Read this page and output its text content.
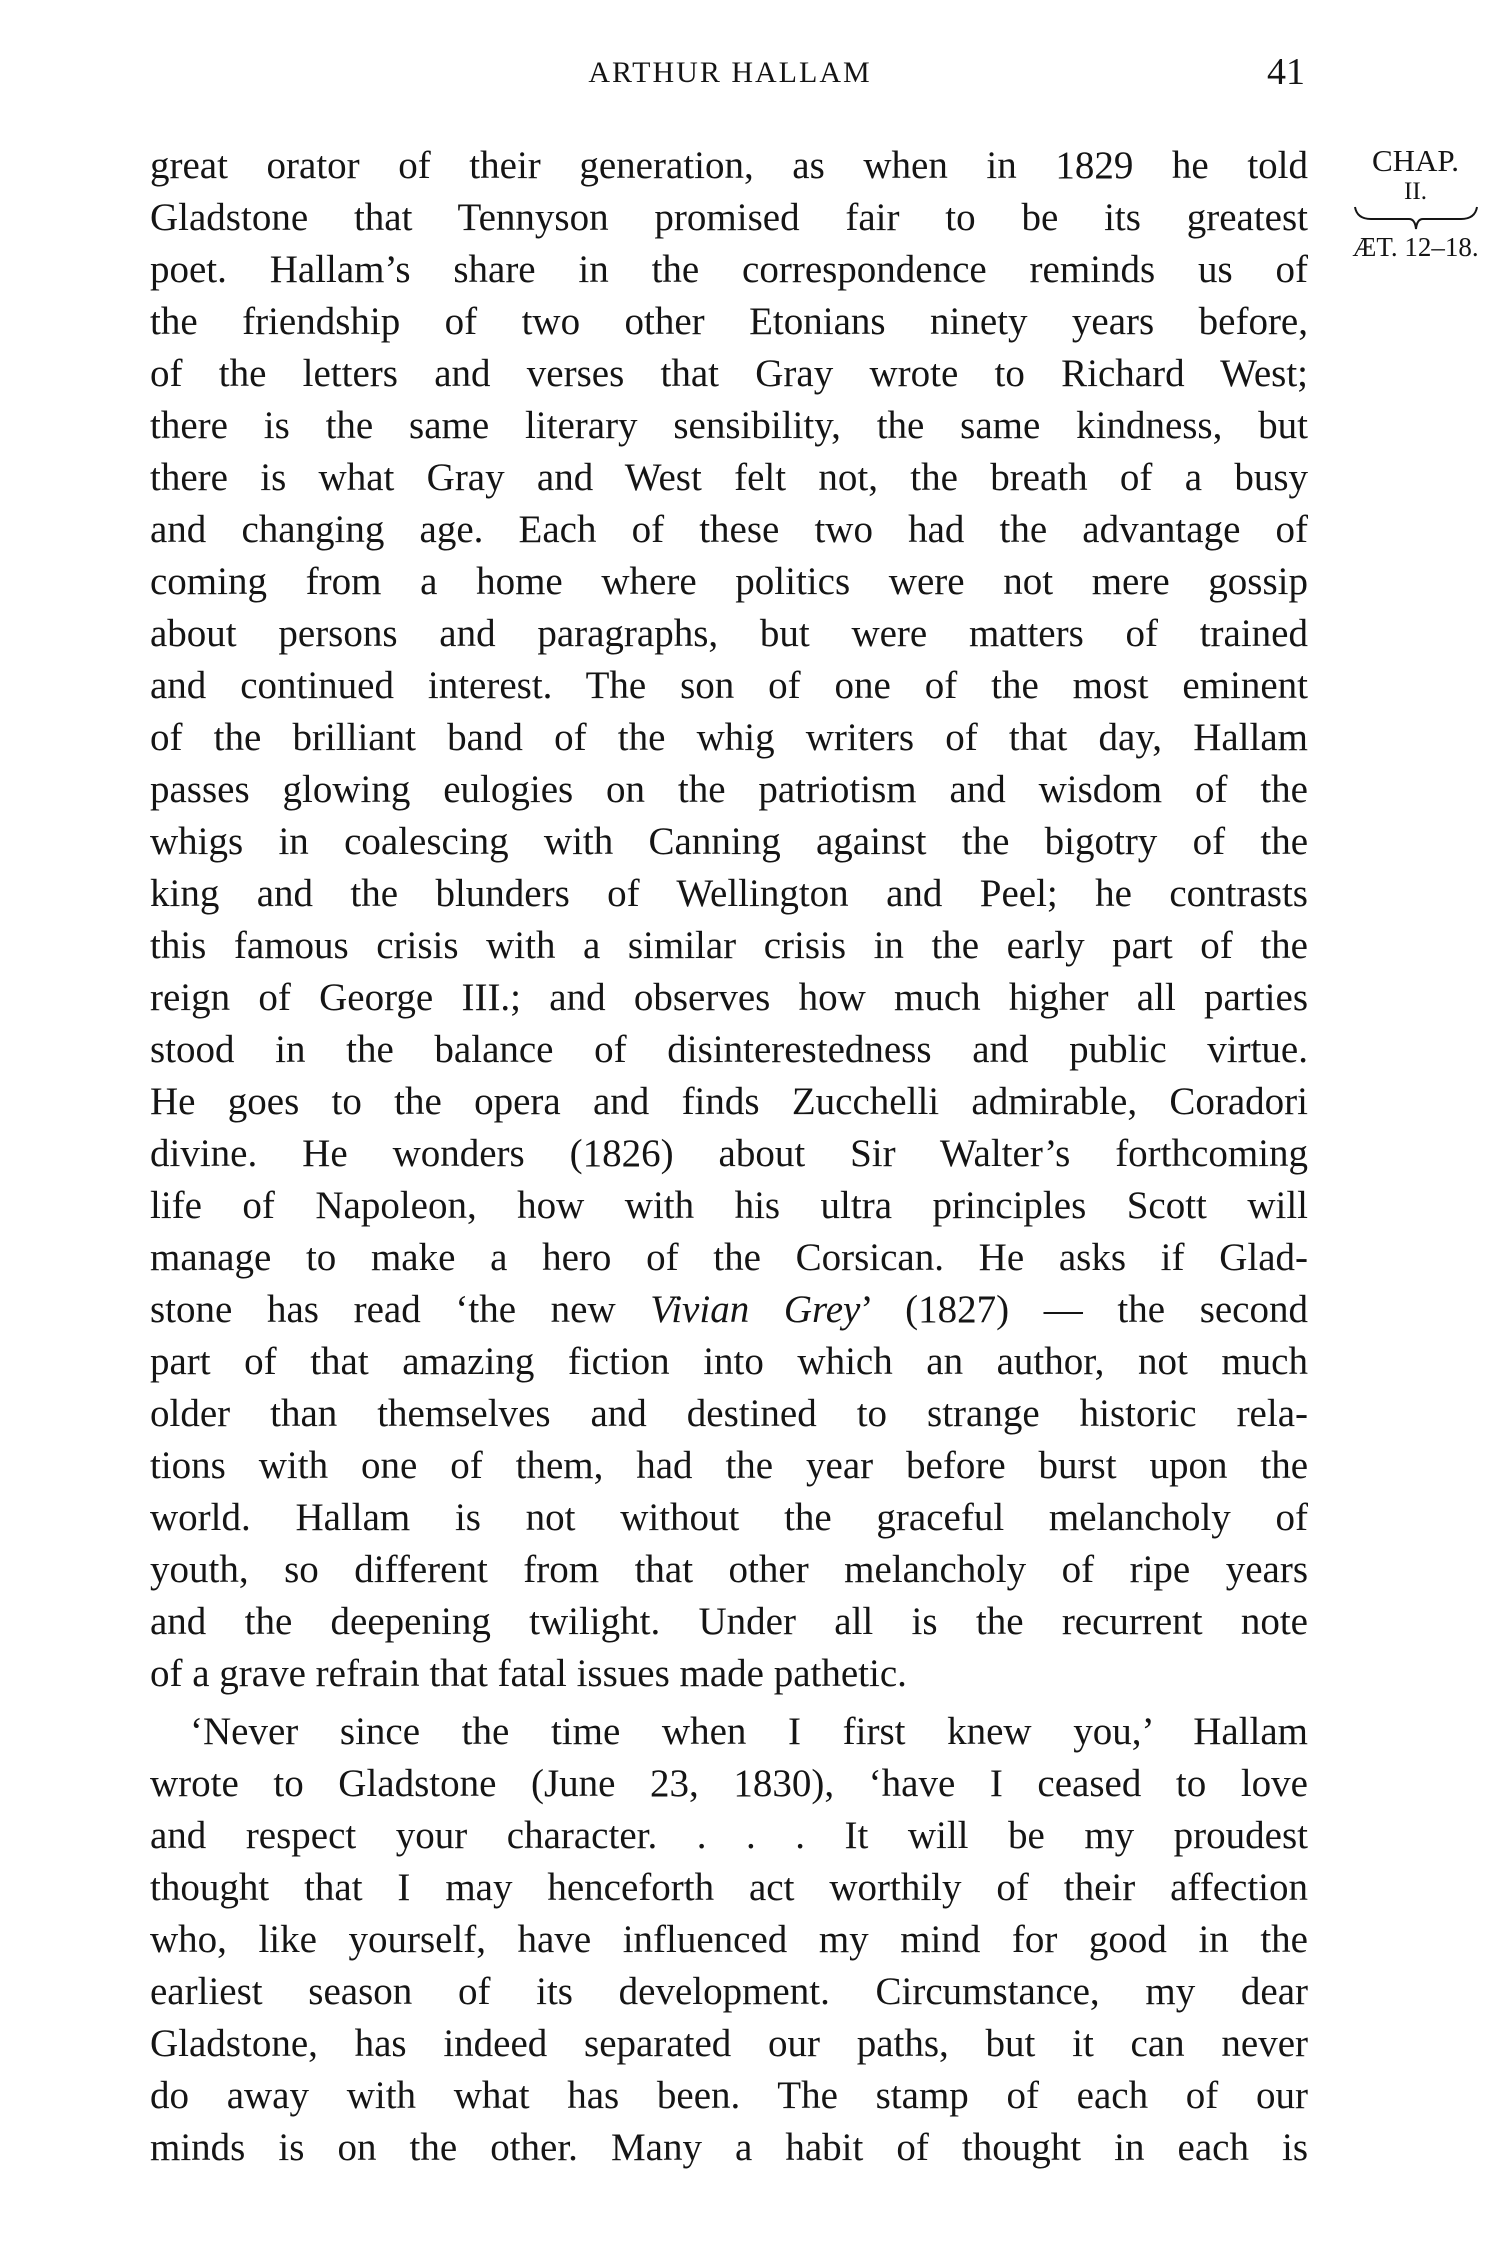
ARTHUR HALLAM	41
CHAP.
II.
ÆT. 12–18.
great orator of their generation, as when in 1829 he told
Gladstone that Tennyson promised fair to be its greatest
poet. Hallam’s share in the correspondence reminds us of
the friendship of two other Etonians ninety years before,
of the letters and verses that Gray wrote to Richard West;
there is the same literary sensibility, the same kindness, but
there is what Gray and West felt not, the breath of a busy
and changing age. Each of these two had the advantage of
coming from a home where politics were not mere gossip
about persons and paragraphs, but were matters of trained
and continued interest. The son of one of the most eminent
of the brilliant band of the whig writers of that day, Hallam
passes glowing eulogies on the patriotism and wisdom of the
whigs in coalescing with Canning against the bigotry of the
king and the blunders of Wellington and Peel; he contrasts
this famous crisis with a similar crisis in the early part of the
reign of George III.; and observes how much higher all parties
stood in the balance of disinterestedness and public virtue.
He goes to the opera and finds Zucchelli admirable, Coradori
divine. He wonders (1826) about Sir Walter’s forthcoming
life of Napoleon, how with his ultra principles Scott will
manage to make a hero of the Corsican. He asks if Glad-
stone has read ‘the new Vivian Grey’ (1827) — the second
part of that amazing fiction into which an author, not much
older than themselves and destined to strange historic rela-
tions with one of them, had the year before burst upon the
world. Hallam is not without the graceful melancholy of
youth, so different from that other melancholy of ripe years
and the deepening twilight. Under all is the recurrent note
of a grave refrain that fatal issues made pathetic.
‘Never since the time when I first knew you,’ Hallam
wrote to Gladstone (June 23, 1830), ‘have I ceased to love
and respect your character. . . . It will be my proudest
thought that I may henceforth act worthily of their affection
who, like yourself, have influenced my mind for good in the
earliest season of its development. Circumstance, my dear
Gladstone, has indeed separated our paths, but it can never
do away with what has been. The stamp of each of our
minds is on the other. Many a habit of thought in each is
